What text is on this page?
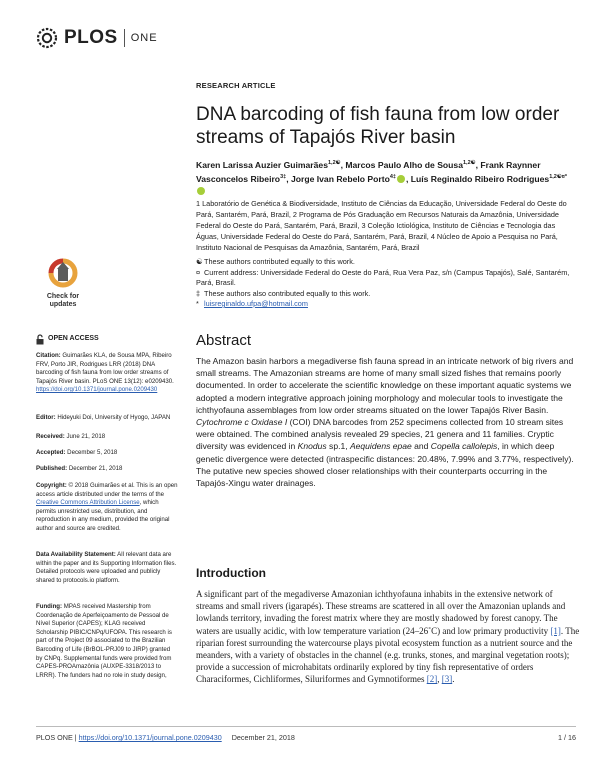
PLOS ONE
RESEARCH ARTICLE
DNA barcoding of fish fauna from low order streams of Tapajós River basin
Karen Larissa Auzier Guimarães$^{1,2☯}$, Marcos Paulo Alho de Sousa$^{1,2☯}$, Frank Raynner Vasconcelos Ribeiro$^{3\ddagger}$, Jorge Ivan Rebelo Porto$^{4\ddagger}$ , Luís Reginaldo Ribeiro Rodrigues$^{1,2☯¤*}$
1 Laboratório de Genética & Biodiversidade, Instituto de Ciências da Educação, Universidade Federal do Oeste do Pará, Santarém, Pará, Brazil, 2 Programa de Pós Graduação em Recursos Naturais da Amazônia, Universidade Federal do Oeste do Pará, Santarém, Pará, Brazil, 3 Coleção Ictiológica, Instituto de Ciências e Tecnologia das Águas, Universidade Federal do Oeste do Pará, Santarém, Pará, Brazil, 4 Núcleo de Apoio a Pesquisa no Pará, Instituto Nacional de Pesquisas da Amazônia, Santarém, Pará, Brazil
☯These authors contributed equally to this work.
¤ Current address: Universidade Federal do Oeste do Pará, Rua Vera Paz, s/n (Campus Tapajós), Salé, Santarém, Pará, Brasil.
‡ These authors also contributed equally to this work.
* luisreginaldo.ufpa@hotmail.com
Abstract
The Amazon basin harbors a megadiverse fish fauna spread in an intricate network of big rivers and small streams. The Amazonian streams are home of many small sized fishes that remains poorly documented. In order to accelerate the scientific knowledge on these important aquatic systems we adopted a modern integrative approach joining morphology and molecular tools to investigate the ichthyofauna assemblages from low order streams situated on the lower Tapajós River Basin. Cytochrome c Oxidase I (COI) DNA barcodes from 252 specimens collected from 10 stream sites were obtained. The combined analysis revealed 29 species, 21 genera and 11 families. Cryptic diversity was evidenced in Knodus sp.1, Aequidens epae and Copella callolepis, in which deep genetic divergence were detected (intraspecific distances: 20.48%, 7.99% and 3.77%, respectively). The putative new species showed closer relationships with their counterparts occurring in the Tapajós-Xingu water drainages.
Introduction
A significant part of the megadiverse Amazonian ichthyofauna inhabits in the extensive network of streams and small rivers (igarapés). These streams are scattered in all over the Amazonian uplands and lowlands territory, invading the forest matrix where they are mostly shadowed by forest canopy. The waters are usually acidic, with low temperature variation (24–26˚C) and low primary productivity [1]. The riparian forest surrounding the watercourse plays pivotal ecosystem function as a nutrient source and the meanders, with a variety of obstacles in the channel (e.g. trunks, stones, and marginal vegetation roots); provide a succession of microhabitats ordinarily explored by tiny fish representative of orders Characiformes, Cichliformes, Siluriformes and Gymnotiformes [2], [3].
Check for
updates
OPEN ACCESS
Citation: Guimarães KLA, de Sousa MPA, Ribeiro FRV, Porto JIR, Rodrigues LRR (2018) DNA barcoding of fish fauna from low order streams of Tapajós River basin. PLoS ONE 13(12): e0209430. https://doi.org/10.1371/journal.pone.0209430
Editor: Hideyuki Doi, University of Hyogo, JAPAN
Received: June 21, 2018
Accepted: December 5, 2018
Published: December 21, 2018
Copyright: © 2018 Guimarães et al. This is an open access article distributed under the terms of the Creative Commons Attribution License, which permits unrestricted use, distribution, and reproduction in any medium, provided the original author and source are credited.
Data Availability Statement: All relevant data are within the paper and its Supporting Information files. Detailed protocols were uploaded and publicly shared to protocols.io platform.
Funding: MPAS received Mastership from Coordenação de Aperfeiçoamento de Pessoal de Nível Superior (CAPES); KLAG received Scholarship PIBIC/CNPq/UFOPA. This research is part of the Project 09 associated to the Brazilian Barcoding of Life (BrBOL-PRJ09 to JIRP) granted by CNPq. Supplemental funds were provided from CAPES-PROAmazônia (AUXPE-3318/2013 to LRRR). The funders had no role in study design,
PLOS ONE | https://doi.org/10.1371/journal.pone.0209430 December 21, 2018	1 / 16
